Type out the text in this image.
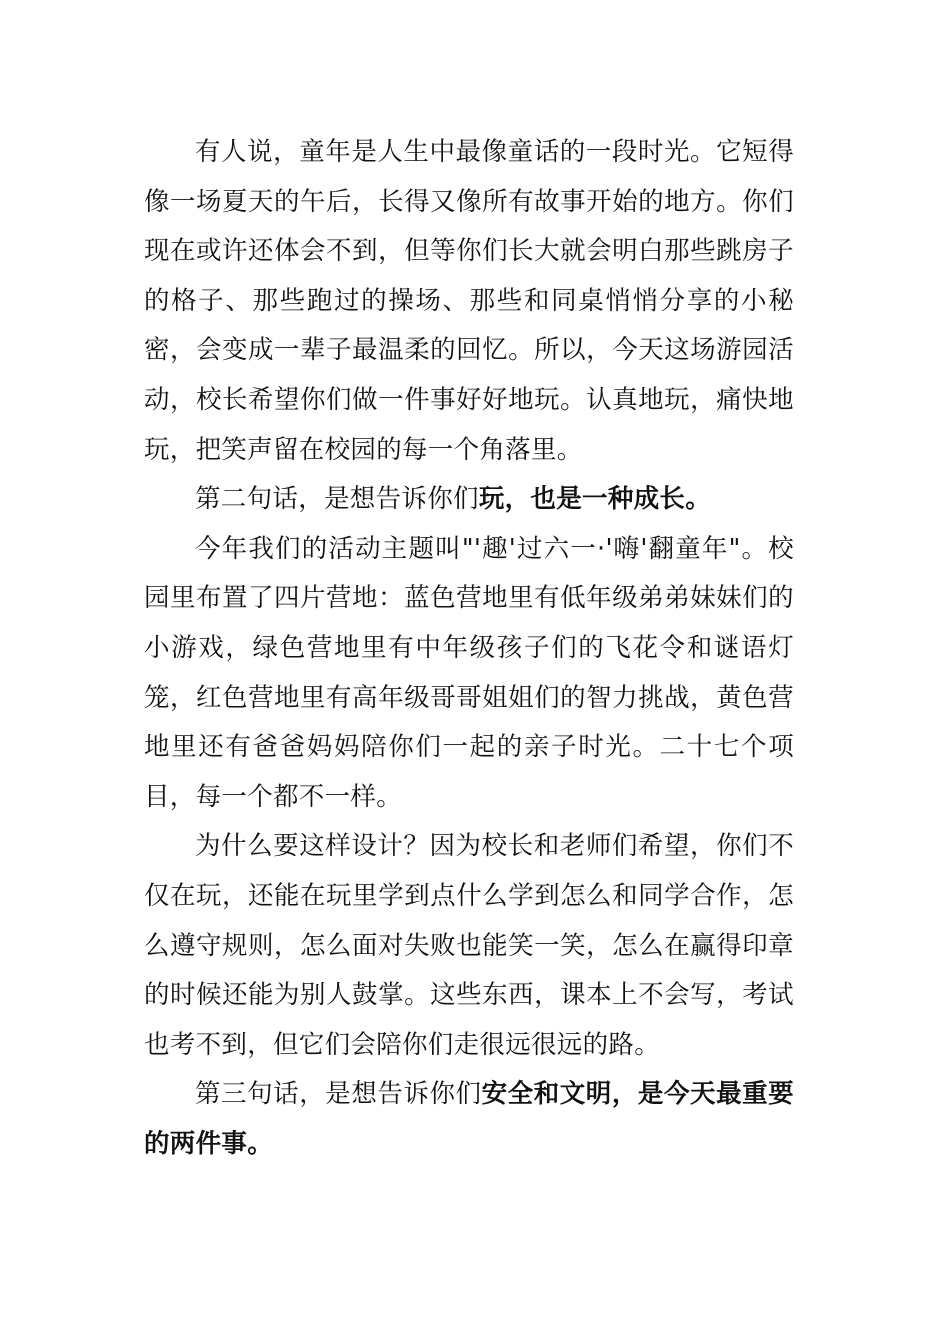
有人说，童年是人生中最像童话的一段时光。它短得像一场夏天的午后，长得又像所有故事开始的地方。你们现在或许还体会不到，但等你们长大就会明白那些跳房子的格子、那些跑过的操场、那些和同桌悄悄分享的小秘密，会变成一辈子最温柔的回忆。所以，今天这场游园活动，校长希望你们做一件事好好地玩。认真地玩，痛快地玩，把笑声留在校园的每一个角落里。

第二句话，是想告诉你们玩，也是一种成长。

今年我们的活动主题叫"'趣'过六一·'嗨'翻童年"。校园里布置了四片营地：蓝色营地里有低年级弟弟妹妹们的小游戏，绿色营地里有中年级孩子们的飞花令和谜语灯笼，红色营地里有高年级哥哥姐姐们的智力挑战，黄色营地里还有爸爸妈妈陪你们一起的亲子时光。二十七个项目，每一个都不一样。

为什么要这样设计？因为校长和老师们希望，你们不仅在玩，还能在玩里学到点什么学到怎么和同学合作，怎么遵守规则，怎么面对失败也能笑一笑，怎么在赢得印章的时候还能为别人鼓掌。这些东西，课本上不会写，考试也考不到，但它们会陪你们走很远很远的路。

第三句话，是想告诉你们安全和文明，是今天最重要的两件事。
